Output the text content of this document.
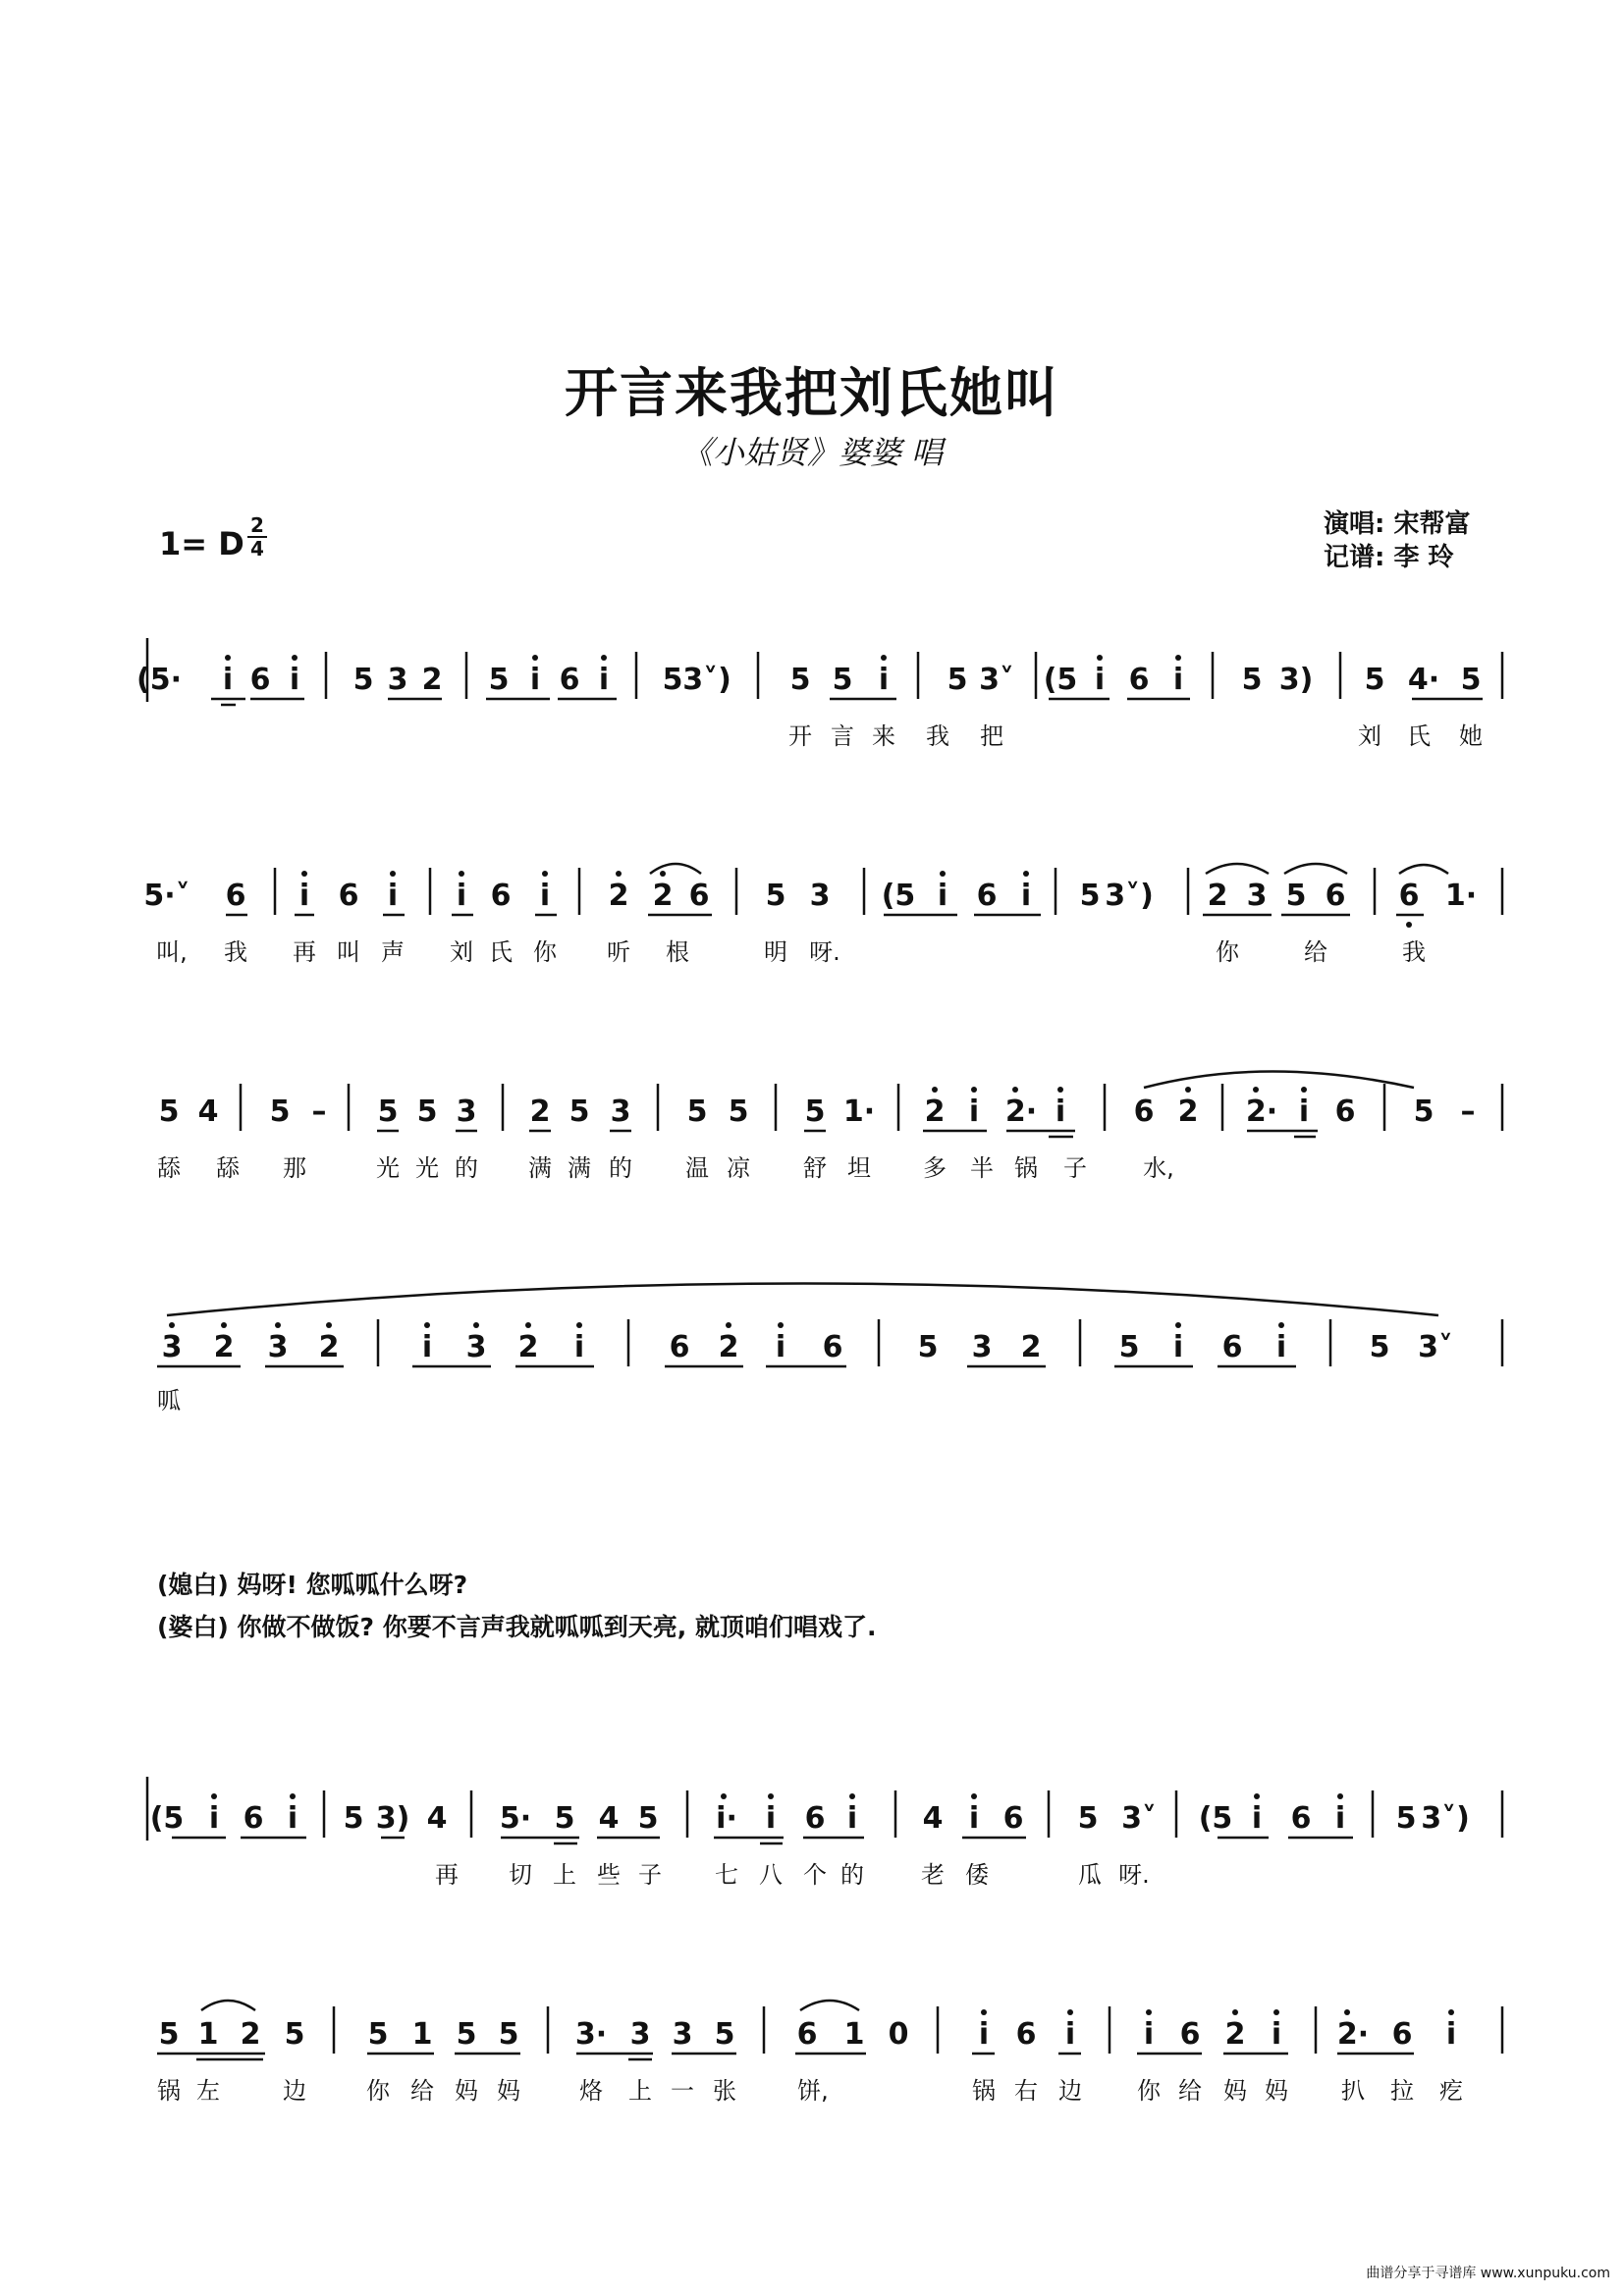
开言来我把刘氏她叫
《小姑贤》婆婆 唱
1= D 2
4
演唱: 宋帮富
记谱: 李 玲
(5· i 6 i 5 3 2 5 i 6 i 5 3˅) 5 5 i 5 3˅ (5 i 6 i 5 3) 5 4· 5
开 言 来 我 把	刘 氏 她
5·˅ 6 i 6 i i 6 i 2 2 6 5 3 (5 i 6 i 5 3˅) 2 3 5 6 6 1·
叫, 我 再 叫 声 刘 氏 你 听 根	明 呀.	你	给	我
5 4 5 – 5 5 3 2 5 3 5 5 5 1· 2 i 2· i 6 2 2· i 6 5 –
舔 舔 那	光 光 的 满 满 的 温 凉 舒 坦 多 半 锅 子 水,
3 2 3 2	i 3 2 i	6 2 i 6	5 3 2	5 i 6 i	5 3˅
呱
(媳白) 妈呀! 您呱呱什么呀?
(婆白) 你做不做饭? 你要不言声我就呱呱到天亮, 就顶咱们唱戏了.
(5 i 6 i 5 3) 4 5· 5 4 5 i· i 6 i 4 i 6 5 3˅ (5 i 6 i 5 3˅)
再 切 上 些 子 七 八 个 的 老 倭	瓜 呀.
5 1 2 5 5 1 5 5 3· 3 3 5 6 1 0 i 6 i i 6 2 i 2· 6 i
锅 左	边	你 给 妈 妈	烙 上 一 张	饼,	锅 右 边 你 给 妈 妈 扒 拉 疙
曲谱分享于寻谱库 www.xunpuku.com
